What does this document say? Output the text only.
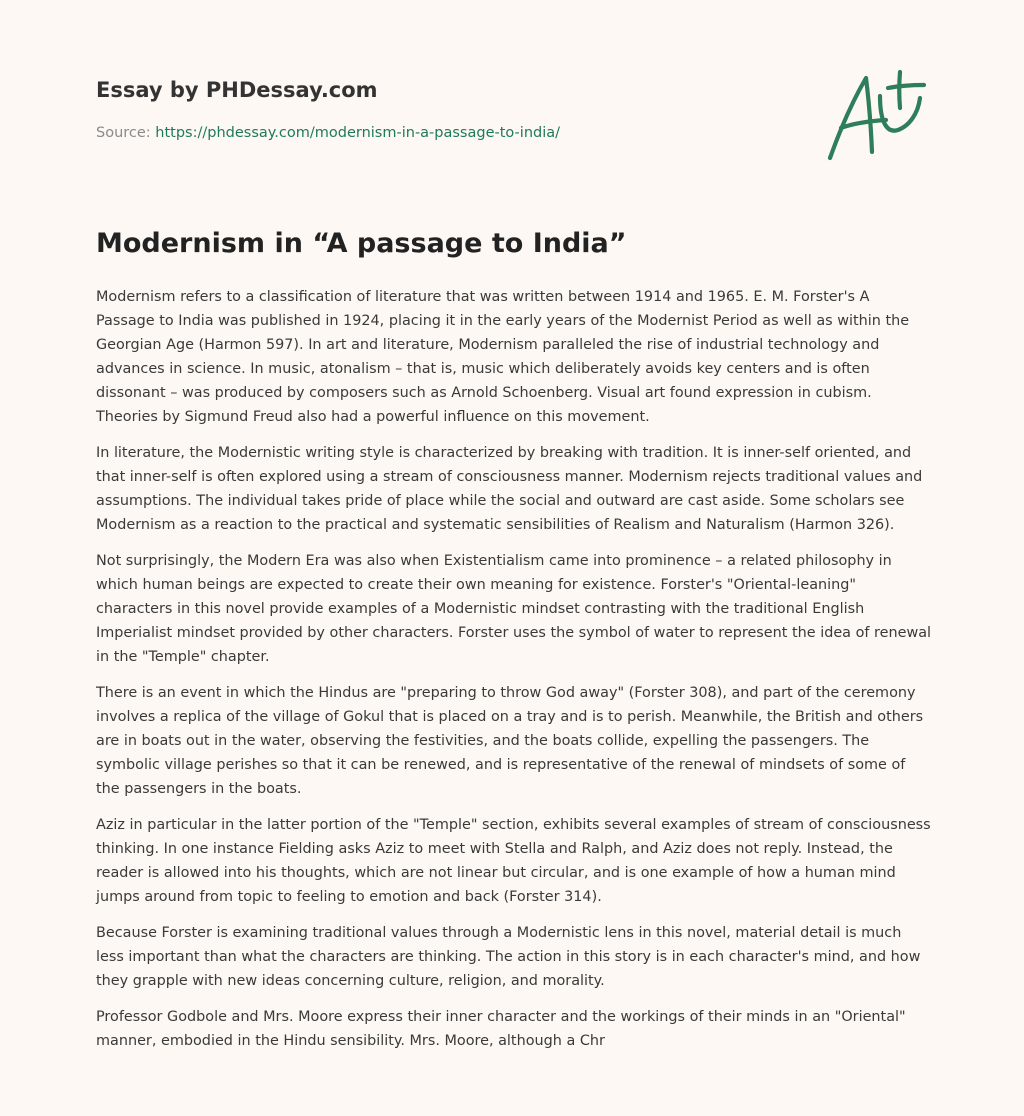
Essay by PHDessay.com
Source: https://phdessay.com/modernism-in-a-passage-to-india/
Modernism in “A passage to India”

Modernism refers to a classification of literature that was written between 1914 and 1965. E. M. Forster's A Passage to India was published in 1924, placing it in the early years of the Modernist Period as well as within the Georgian Age (Harmon 597). In art and literature, Modernism paralleled the rise of industrial technology and advances in science. In music, atonalism – that is, music which deliberately avoids key centers and is often dissonant – was produced by composers such as Arnold Schoenberg. Visual art found expression in cubism. Theories by Sigmund Freud also had a powerful influence on this movement.

In literature, the Modernistic writing style is characterized by breaking with tradition. It is inner-self oriented, and that inner-self is often explored using a stream of consciousness manner. Modernism rejects traditional values and assumptions. The individual takes pride of place while the social and outward are cast aside. Some scholars see Modernism as a reaction to the practical and systematic sensibilities of Realism and Naturalism (Harmon 326).

Not surprisingly, the Modern Era was also when Existentialism came into prominence – a related philosophy in which human beings are expected to create their own meaning for existence. Forster's "Oriental-leaning" characters in this novel provide examples of a Modernistic mindset contrasting with the traditional English Imperialist mindset provided by other characters. Forster uses the symbol of water to represent the idea of renewal in the "Temple" chapter.

There is an event in which the Hindus are "preparing to throw God away" (Forster 308), and part of the ceremony involves a replica of the village of Gokul that is placed on a tray and is to perish. Meanwhile, the British and others are in boats out in the water, observing the festivities, and the boats collide, expelling the passengers. The symbolic village perishes so that it can be renewed, and is representative of the renewal of mindsets of some of the passengers in the boats.

Aziz in particular in the latter portion of the "Temple" section, exhibits several examples of stream of consciousness thinking. In one instance Fielding asks Aziz to meet with Stella and Ralph, and Aziz does not reply. Instead, the reader is allowed into his thoughts, which are not linear but circular, and is one example of how a human mind jumps around from topic to feeling to emotion and back (Forster 314).

Because Forster is examining traditional values through a Modernistic lens in this novel, material detail is much less important than what the characters are thinking. The action in this story is in each character's mind, and how they grapple with new ideas concerning culture, religion, and morality.

Professor Godbole and Mrs. Moore express their inner character and the workings of their minds in an "Oriental" manner, embodied in the Hindu sensibility. Mrs. Moore, although a Chr
